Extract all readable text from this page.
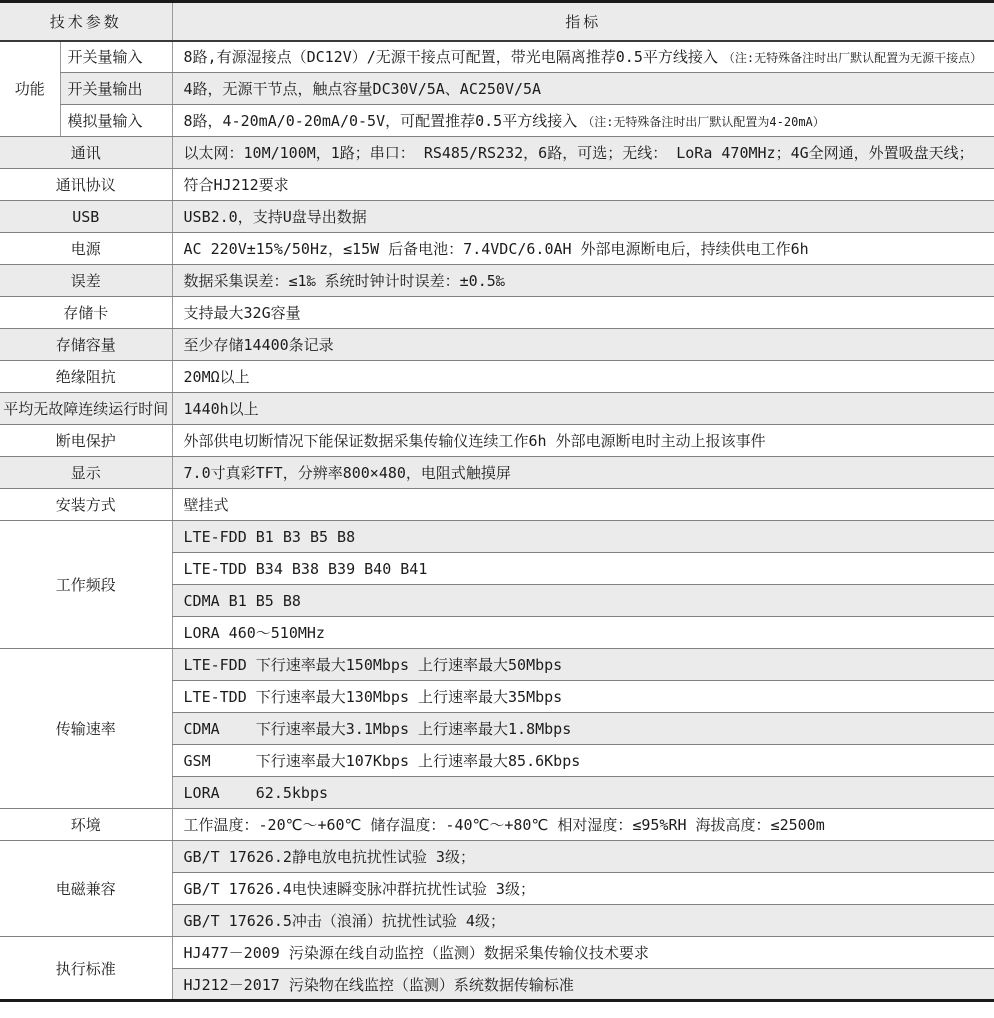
技术参数		指标
功能	开关量输入	8路,有源湿接点（DC12V）/无源干接点可配置，带光电隔离推荐0.5平方线接入 （注:无特殊备注时出厂默认配置为无源干接点）
	开关量输出	4路，无源干节点，触点容量DC30V/5A、AC250V/5A
	模拟量输入	8路，4-20mA/0-20mA/0-5V，可配置推荐0.5平方线接入 （注:无特殊备注时出厂默认配置为4-20mA）
通讯		以太网：10M/100M，1路；串口： RS485/RS232，6路，可选；无线： LoRa 470MHz；4G全网通，外置吸盘天线；
通讯协议		符合HJ212要求
USB		USB2.0，支持U盘导出数据
电源		AC 220V±15%/50Hz，≤15W 后备电池：7.4VDC/6.0AH 外部电源断电后，持续供电工作6h
误差		数据采集误差：≤1‰ 系统时钟计时误差：±0.5‰
存储卡		支持最大32G容量
存储容量		至少存储14400条记录
绝缘阻抗		20MΩ以上
平均无故障连续运行时间		1440h以上
断电保护		外部供电切断情况下能保证数据采集传输仪连续工作6h 外部电源断电时主动上报该事件
显示		7.0寸真彩TFT，分辨率800×480，电阻式触摸屏
安装方式		壁挂式
工作频段		LTE-FDD B1 B3 B5 B8
		LTE-TDD B34 B38 B39 B40 B41
		CDMA B1 B5 B8
		LORA 460～510MHz
传输速率		LTE-FDD 下行速率最大150Mbps 上行速率最大50Mbps
		LTE-TDD 下行速率最大130Mbps 上行速率最大35Mbps
		CDMA    下行速率最大3.1Mbps 上行速率最大1.8Mbps
		GSM     下行速率最大107Kbps 上行速率最大85.6Kbps
		LORA    62.5kbps
环境		工作温度：-20℃～+60℃ 储存温度：-40℃～+80℃ 相对湿度：≤95%RH 海拔高度：≤2500m
电磁兼容		GB/T 17626.2静电放电抗扰性试验 3级；
		GB/T 17626.4电快速瞬变脉冲群抗扰性试验 3级；
		GB/T 17626.5冲击（浪涌）抗扰性试验 4级；
执行标准		HJ477－2009 污染源在线自动监控（监测）数据采集传输仪技术要求
		HJ212－2017 污染物在线监控（监测）系统数据传输标准
